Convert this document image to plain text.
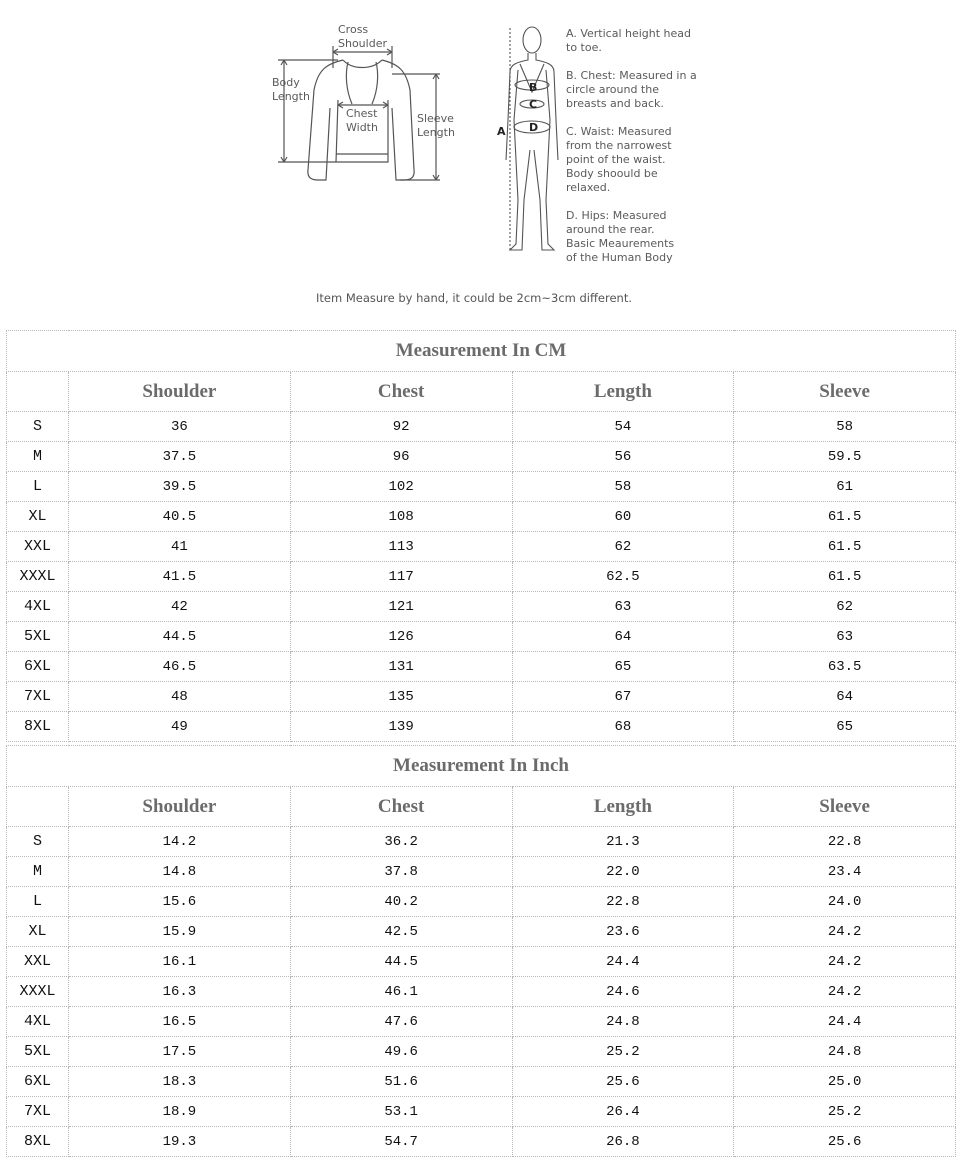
A
B
C
D
Cross
Shoulder
Body
Length
Chest
Width
Sleeve
Length
A. Vertical height head
to toe.
B. Chest: Measured in a
circle around the
breasts and back.
C. Waist: Measured
from the narrowest
point of the waist.
Body shoould be
relaxed.
D. Hips: Measured
around the rear.
Basic Meaurements
of the Human Body
Item Measure by hand, it could be 2cm~3cm different.
Measurement In CM				
	Shoulder	Chest	Length	Sleeve
S	36	92	54	58
M	37.5	96	56	59.5
L	39.5	102	58	61
XL	40.5	108	60	61.5
XXL	41	113	62	61.5
XXXL	41.5	117	62.5	61.5
4XL	42	121	63	62
5XL	44.5	126	64	63
6XL	46.5	131	65	63.5
7XL	48	135	67	64
8XL	49	139	68	65
Measurement In Inch				
	Shoulder	Chest	Length	Sleeve
S	14.2	36.2	21.3	22.8
M	14.8	37.8	22.0	23.4
L	15.6	40.2	22.8	24.0
XL	15.9	42.5	23.6	24.2
XXL	16.1	44.5	24.4	24.2
XXXL	16.3	46.1	24.6	24.2
4XL	16.5	47.6	24.8	24.4
5XL	17.5	49.6	25.2	24.8
6XL	18.3	51.6	25.6	25.0
7XL	18.9	53.1	26.4	25.2
8XL	19.3	54.7	26.8	25.6
